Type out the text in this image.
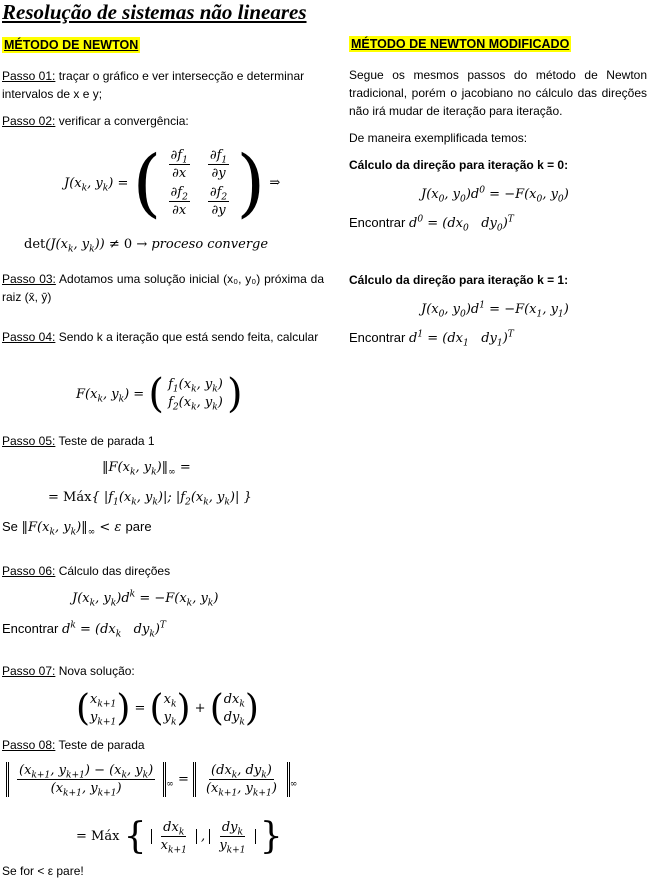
Resolução de sistemas não lineares
MÉTODO DE NEWTON
Passo 01: traçar o gráfico e ver intersecção e determinar intervalos de x e y;
Passo 02: verificar a convergência:
$J(x_k$, $y_k$) = ( $\frac{\partial f_1}{\partial x} \frac{\partial f_1}{\partial y}$
$\frac{\partial f_2}{\partial x} \frac{\partial f_2}{\partial y}$ ) ⇒
$\det(J(x_k$, $y_k)) \ne 0$ → proceso converge
Passo 03: Adotamos uma solução inicial (x₀, y₀) próxima da raiz (x̄, ȳ)
Passo 04: Sendo k a iteração que está sendo feita, calcular
$F(x_k$, $y_k$) = ( $f_1(x_k$, $y_k$)
$f_2(x_k$, $y_k$) )
Passo 05: Teste de parada 1
$‖F(x_k$, $y_k)‖_\infty$ =
= Máx{ $|f_1(x_k$, $y_k)|$; $|f_2(x_k$, $y_k)|$ }
Se $‖F(x_k$, $y_k)‖_\infty < \varepsilon$ pare
Passo 06: Cálculo das direções
$J(x_k$, $y_k)d^k = -F(x_k$, $y_k$)
Encontrar $d^k = (dx_k$   $dy_k)^T$
Passo 07: Nova solução:
( $x_{k+1}$
$y_{k+1}$ ) = ( $x_k$
$y_k$ ) + ( $dx_k$
$dy_k$ )
Passo 08: Teste de parada
$\frac{(x_{k+1}, y_{k+1}) - (x_k, y_k)}{(x_{k+1}, y_{k+1})} _\infty = \frac{(dx_k, dy_k)}{(x_{k+1}, y_{k+1})} _\infty$
= Máx { $\frac{dx_k}{x_{k+1}}$ , $\frac{dy_k}{y_{k+1}}$ }
Se for < ε pare!
MÉTODO DE NEWTON MODIFICADO
Segue os mesmos passos do método de Newton tradicional, porém o jacobiano no cálculo das direções não irá mudar de iteração para iteração.
De maneira exemplificada temos:
Cálculo da direção para iteração k = 0:
$J(x_0$, $y_0)d^0 = -F(x_0$, $y_0$)
Encontrar $d^0 = (dx_0$   $dy_0)^T$
Cálculo da direção para iteração k = 1:
$J(x_0$, $y_0)d^1 = -F(x_1$, $y_1$)
Encontrar $d^1 = (dx_1$   $dy_1)^T$
